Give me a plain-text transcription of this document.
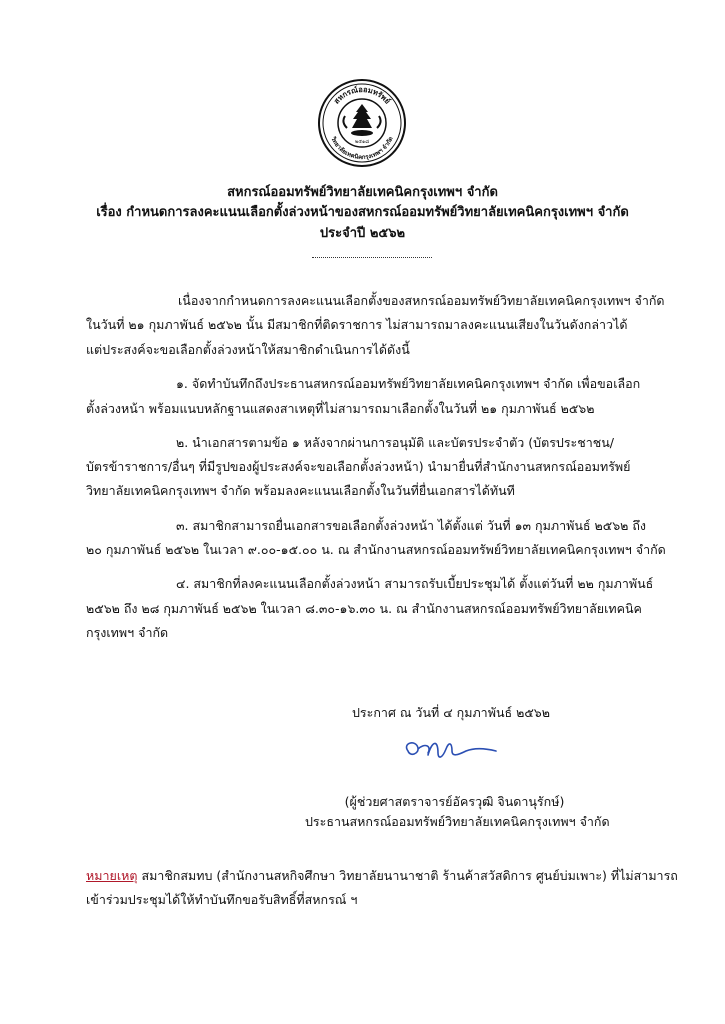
สหกรณ์ออมทรัพย์
วิทยาลัยเทคนิคกรุงเทพฯ จำกัด
๒๕๑๘
สหกรณ์ออมทรัพย์วิทยาลัยเทคนิคกรุงเทพฯ จำกัด
เรื่อง กำหนดการลงคะแนนเลือกตั้งล่วงหน้าของสหกรณ์ออมทรัพย์วิทยาลัยเทคนิคกรุงเทพฯ จำกัด
ประจำปี ๒๕๖๒
เนื่องจากกำหนดการลงคะแนนเลือกตั้งของสหกรณ์ออมทรัพย์วิทยาลัยเทคนิคกรุงเทพฯ จำกัด
ในวันที่ ๒๑ กุมภาพันธ์ ๒๕๖๒ นั้น มีสมาชิกที่ติดราชการ ไม่สามารถมาลงคะแนนเสียงในวันดังกล่าวได้
แต่ประสงค์จะขอเลือกตั้งล่วงหน้าให้สมาชิกดำเนินการได้ดังนี้
๑. จัดทำบันทึกถึงประธานสหกรณ์ออมทรัพย์วิทยาลัยเทคนิคกรุงเทพฯ จำกัด เพื่อขอเลือก
ตั้งล่วงหน้า พร้อมแนบหลักฐานแสดงสาเหตุที่ไม่สามารถมาเลือกตั้งในวันที่ ๒๑ กุมภาพันธ์ ๒๕๖๒
๒. นำเอกสารตามข้อ ๑ หลังจากผ่านการอนุมัติ และบัตรประจำตัว (บัตรประชาชน/
บัตรข้าราชการ/อื่นๆ ที่มีรูปของผู้ประสงค์จะขอเลือกตั้งล่วงหน้า) นำมายื่นที่สำนักงานสหกรณ์ออมทรัพย์
วิทยาลัยเทคนิคกรุงเทพฯ จำกัด พร้อมลงคะแนนเลือกตั้งในวันที่ยื่นเอกสารได้ทันที
๓. สมาชิกสามารถยื่นเอกสารขอเลือกตั้งล่วงหน้า ได้ตั้งแต่ วันที่ ๑๓ กุมภาพันธ์ ๒๕๖๒ ถึง
๒๐ กุมภาพันธ์ ๒๕๖๒ ในเวลา ๙.๐๐-๑๕.๐๐ น. ณ สำนักงานสหกรณ์ออมทรัพย์วิทยาลัยเทคนิคกรุงเทพฯ จำกัด
๔. สมาชิกที่ลงคะแนนเลือกตั้งล่วงหน้า สามารถรับเบี้ยประชุมได้ ตั้งแต่วันที่ ๒๒ กุมภาพันธ์
๒๕๖๒ ถึง ๒๘ กุมภาพันธ์ ๒๕๖๒ ในเวลา ๘.๓๐-๑๖.๓๐ น. ณ สำนักงานสหกรณ์ออมทรัพย์วิทยาลัยเทคนิค
กรุงเทพฯ จำกัด
ประกาศ ณ วันที่ ๔ กุมภาพันธ์ ๒๕๖๒
(ผู้ช่วยศาสตราจารย์อัครวุฒิ จินดานุรักษ์)
ประธานสหกรณ์ออมทรัพย์วิทยาลัยเทคนิคกรุงเทพฯ จำกัด
หมายเหตุ สมาชิกสมทบ (สำนักงานสหกิจศึกษา วิทยาลัยนานาชาติ ร้านค้าสวัสดิการ ศูนย์บ่มเพาะ) ที่ไม่สามารถ
เข้าร่วมประชุมได้ให้ทำบันทึกขอรับสิทธิ์ที่สหกรณ์ ฯ
